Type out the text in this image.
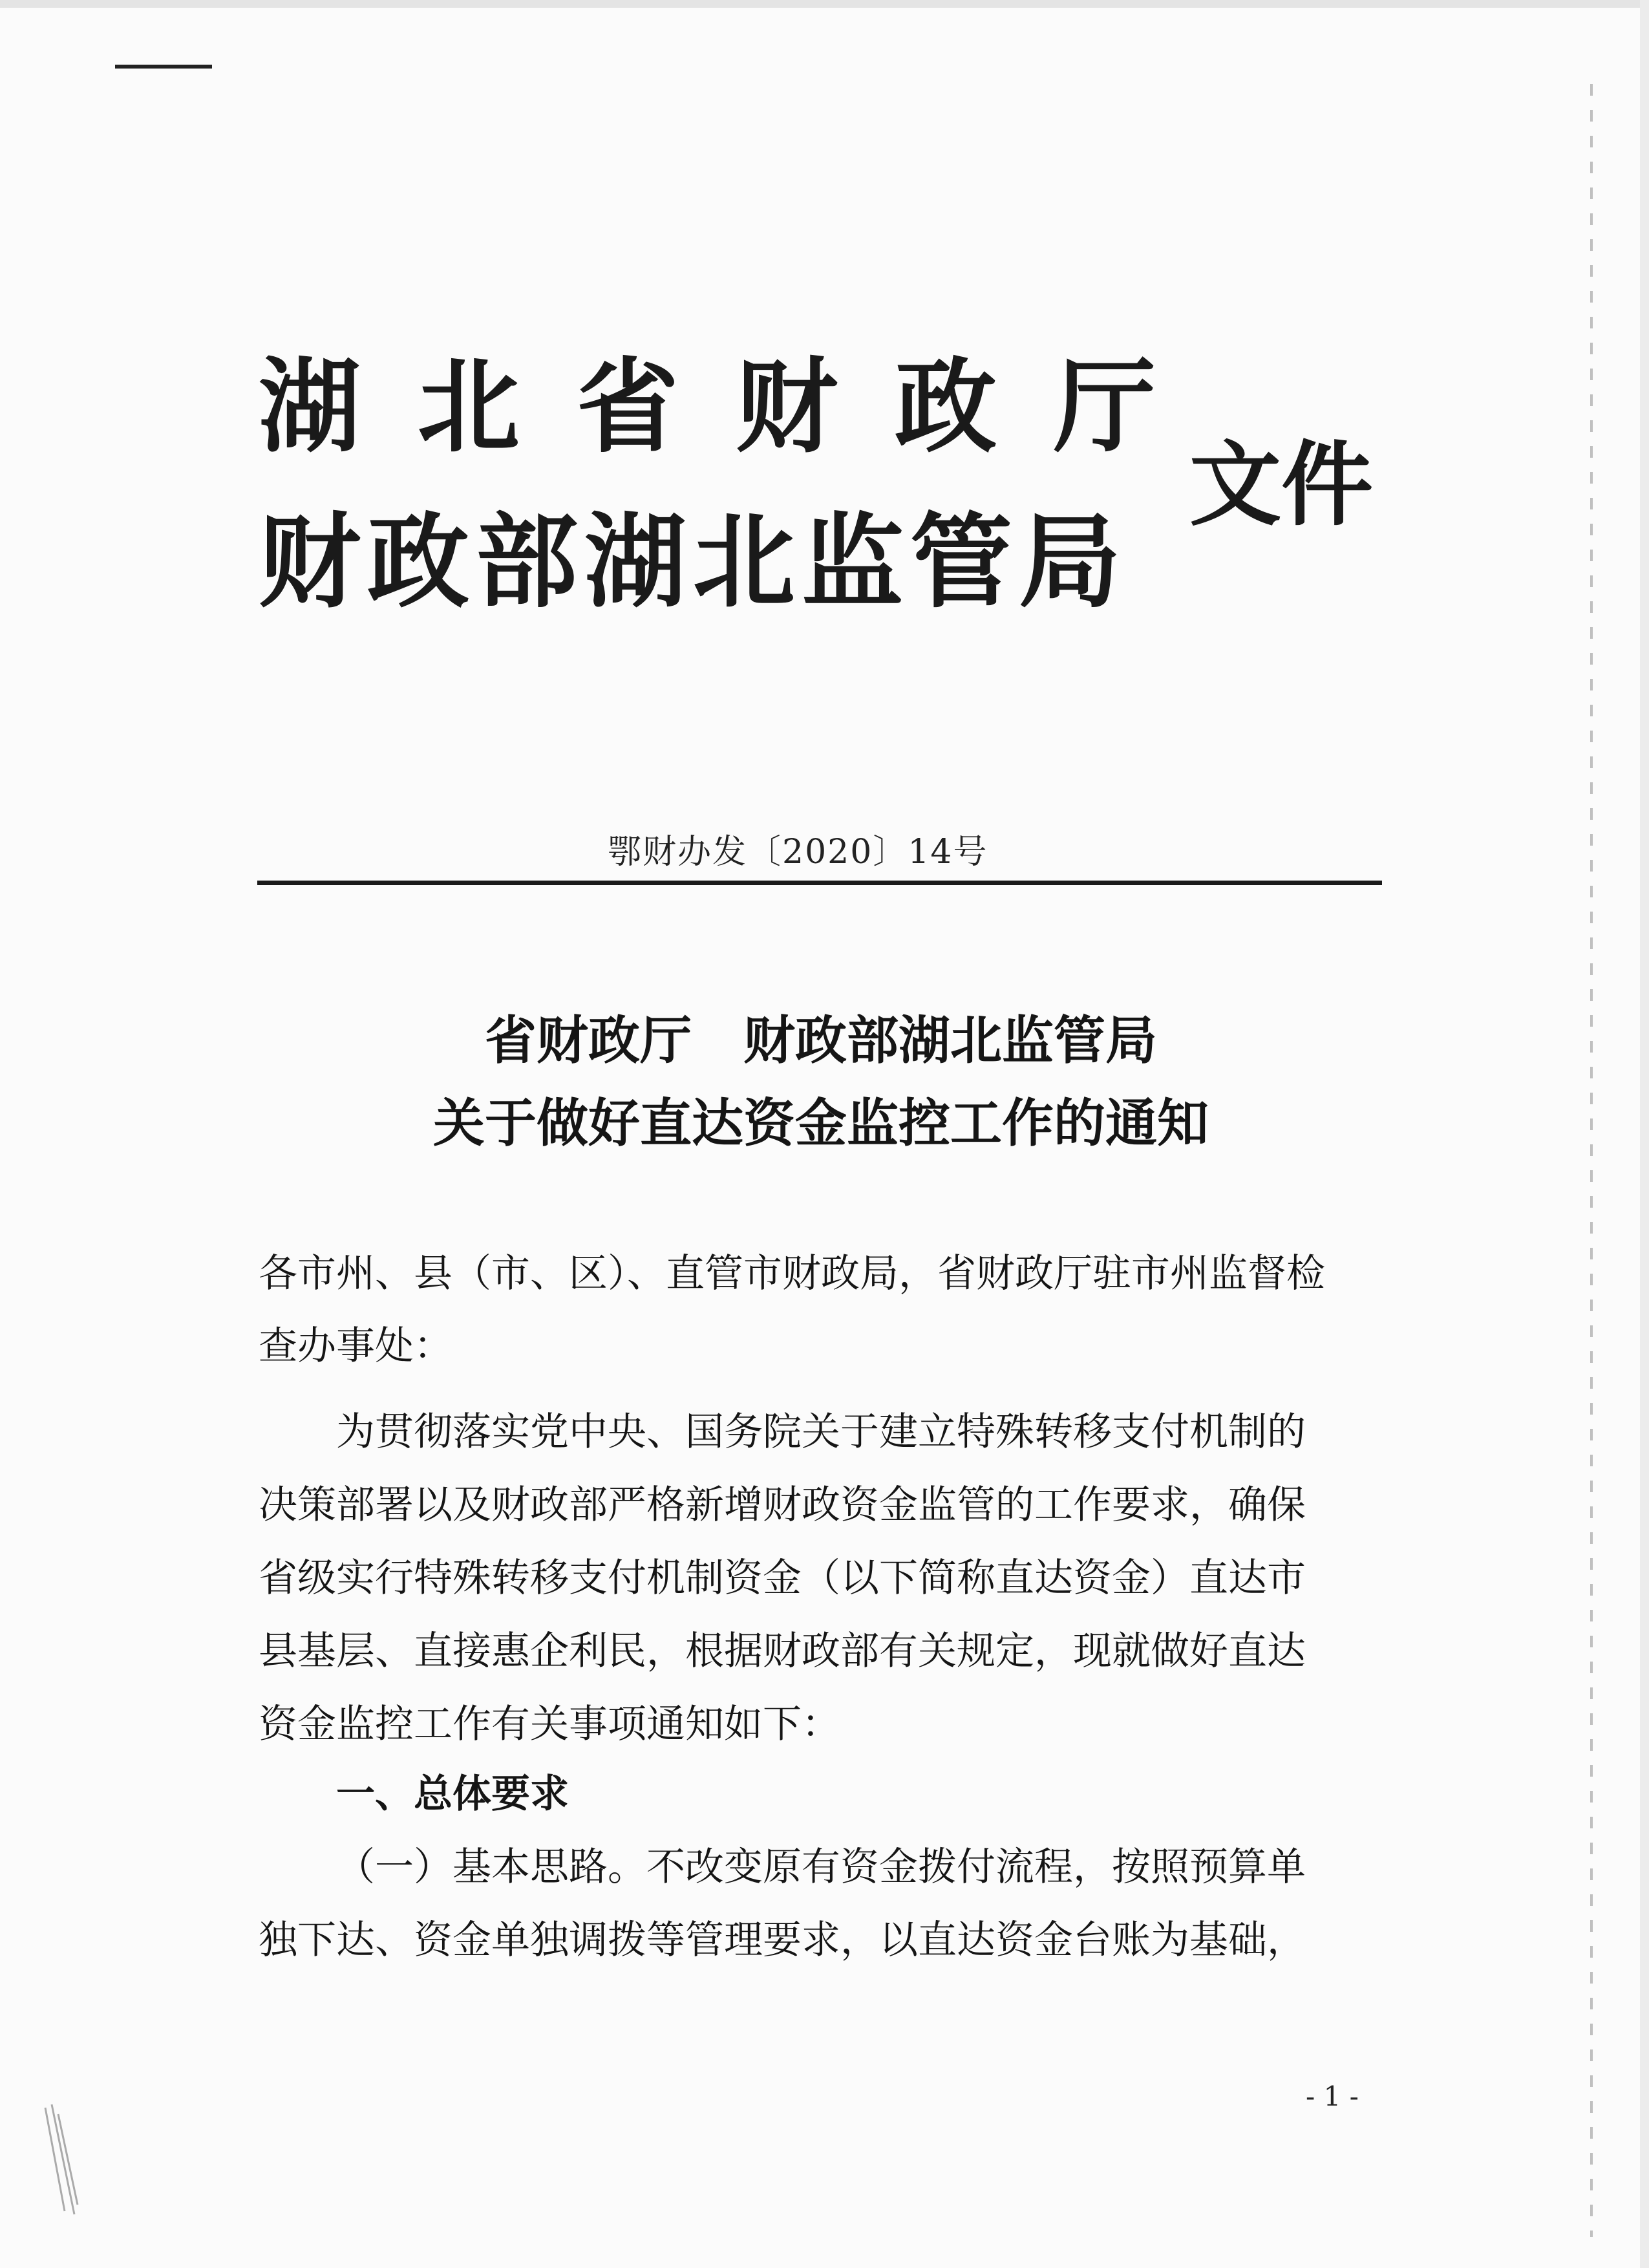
湖北省财政厅
财政部湖北监管局
文件
鄂财办发〔2020〕14号
省财政厅　财政部湖北监管局
关于做好直达资金监控工作的通知
各市州、县（市、区）、直管市财政局，省财政厅驻市州监督检
查办事处：
为贯彻落实党中央、国务院关于建立特殊转移支付机制的
决策部署以及财政部严格新增财政资金监管的工作要求，确保
省级实行特殊转移支付机制资金（以下简称直达资金）直达市
县基层、直接惠企利民，根据财政部有关规定，现就做好直达
资金监控工作有关事项通知如下：
一、总体要求
（一）基本思路。不改变原有资金拨付流程，按照预算单
独下达、资金单独调拨等管理要求，以直达资金台账为基础，
- 1 -
